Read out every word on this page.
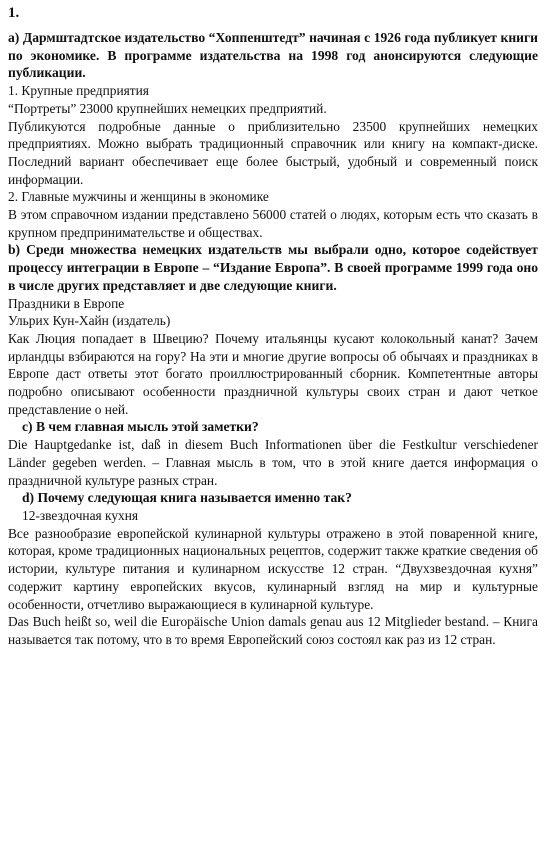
1.

a) Дармштадтское издательство “Хоппенштедт” начиная с 1926 года публикует книги по экономике. В программе издательства на 1998 год анонсируются следующие публикации.

1. Крупные предприятия

“Портреты” 23000 крупнейших немецких предприятий.

Публикуются подробные данные о приблизительно 23500 крупнейших немецких предприятиях. Можно выбрать традиционный справочник или книгу на компакт-диске. Последний вариант обеспечивает еще более быстрый, удобный и современный поиск информации.

2. Главные мужчины и женщины в экономике

В этом справочном издании представлено 56000 статей о людях, которым есть что сказать в крупном предпринимательстве и обществах.

b) Среди множества немецких издательств мы выбрали одно, которое содействует процессу интеграции в Европе – “Издание Европа”. В своей программе 1999 года оно в числе других представляет и две следующие книги.

Праздники в Европе

Ульрих Кун-Хайн (издатель)

Как Люция попадает в Швецию? Почему итальянцы кусают колокольный канат? Зачем ирландцы взбираются на гору? На эти и многие другие вопросы об обычаях и праздниках в Европе даст ответы этот богато проиллюстрированный сборник. Компетентные авторы подробно описывают особенности праздничной культуры своих стран и дают четкое представление о ней.

c) В чем главная мысль этой заметки?

Die Hauptgedanke ist, daß in diesem Buch Informationen über die Festkultur verschiedener Länder gegeben werden. – Главная мысль в том, что в этой книге дается информация о праздничной культуре разных стран.

d) Почему следующая книга называется именно так?

12-звездочная кухня

Все разнообразие европейской кулинарной культуры отражено в этой поваренной книге, которая, кроме традиционных национальных рецептов, содержит также краткие сведения об истории, культуре питания и кулинарном искусстве 12 стран. “Двухзвездочная кухня” содержит картину европейских вкусов, кулинарный взгляд на мир и культурные особенности, отчетливо выражающиеся в кулинарной культуре.

Das Buch heißt so, weil die Europäische Union damals genau aus 12 Mitglieder bestand. – Книга называется так потому, что в то время Европейский союз состоял как раз из 12 стран.
